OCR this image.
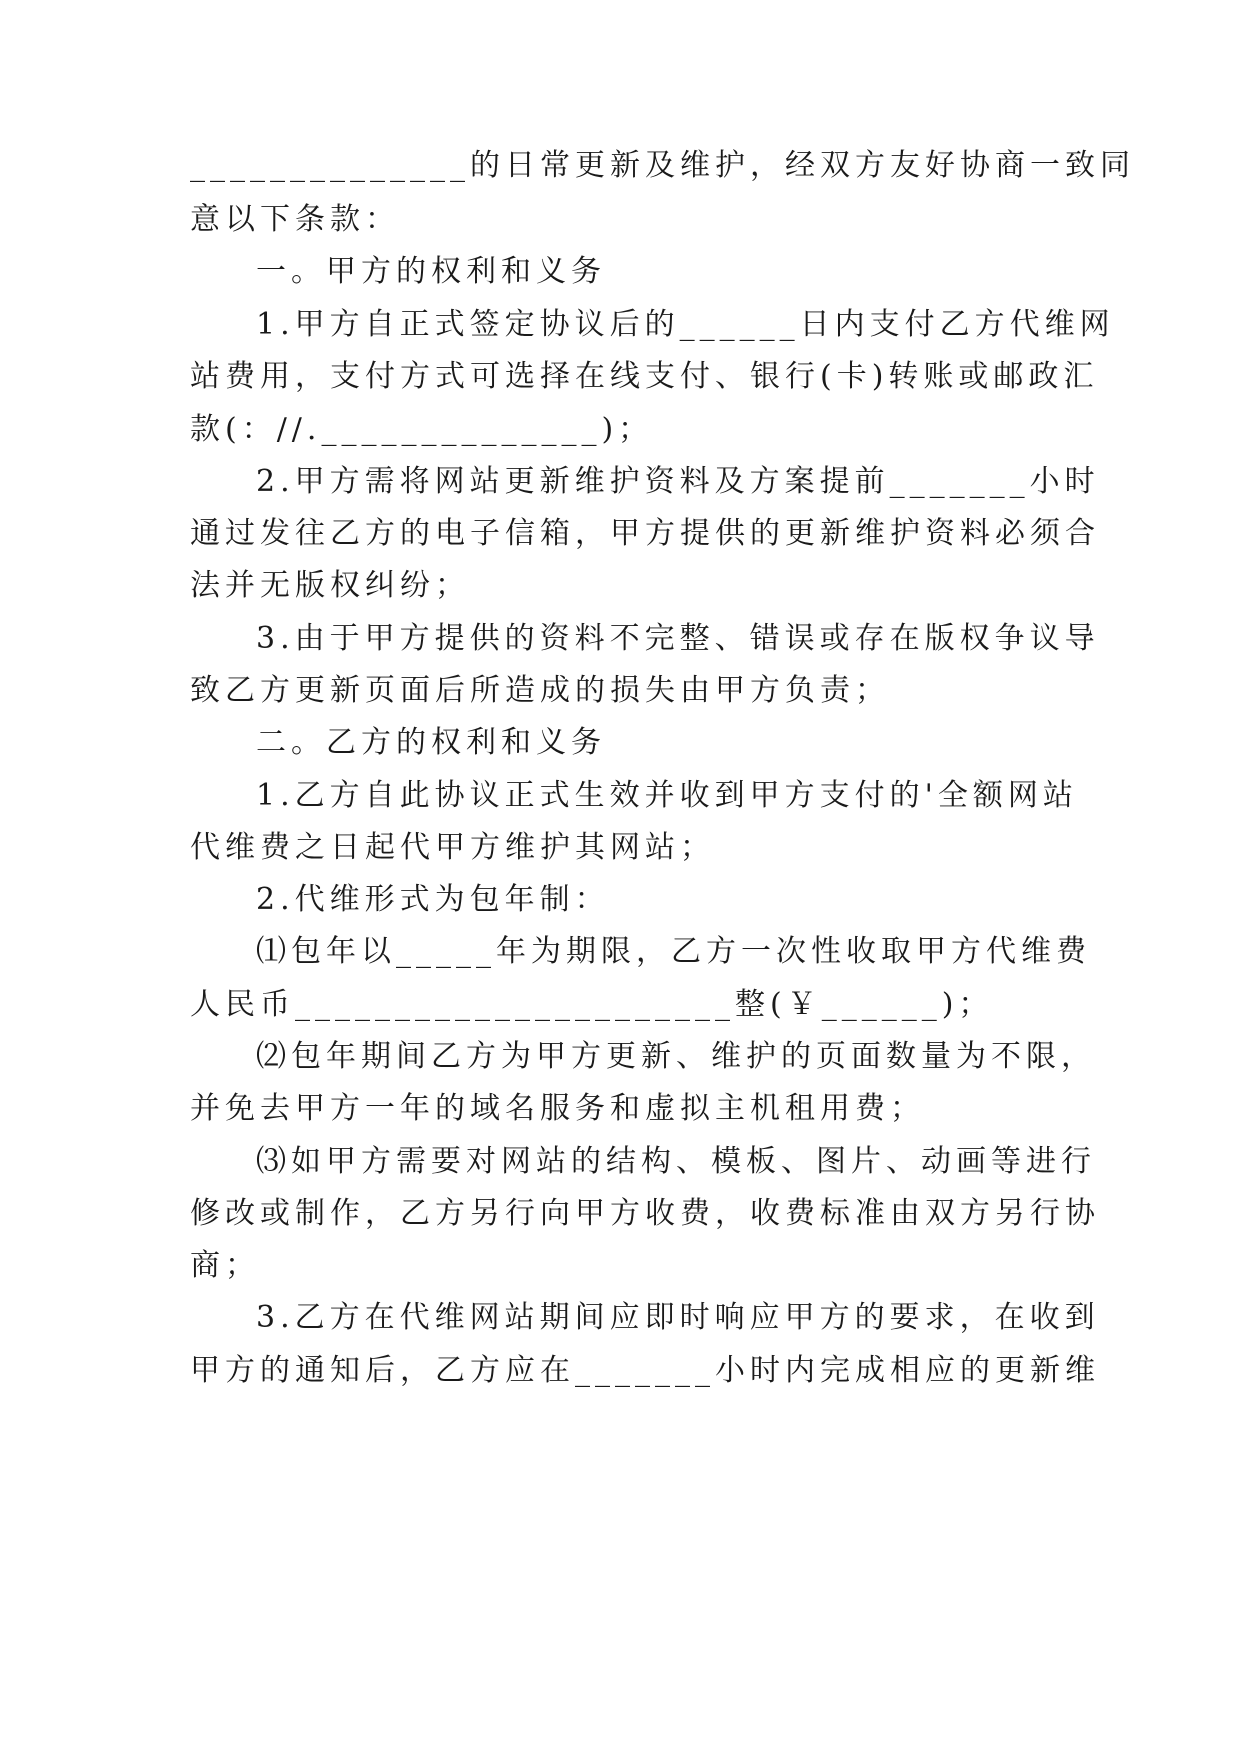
______________的日常更新及维护，经双方友好协商一致同
意以下条款：
一。甲方的权利和义务
1.甲方自正式签定协议后的______日内支付乙方代维网
站费用，支付方式可选择在线支付、银行(卡)转账或邮政汇
款(：//.______________)；
2.甲方需将网站更新维护资料及方案提前_______小时
通过发往乙方的电子信箱，甲方提供的更新维护资料必须合
法并无版权纠纷；
3.由于甲方提供的资料不完整、错误或存在版权争议导
致乙方更新页面后所造成的损失由甲方负责；
二。乙方的权利和义务
1.乙方自此协议正式生效并收到甲方支付的'全额网站
代维费之日起代甲方维护其网站；
2.代维形式为包年制：
⑴包年以_____年为期限，乙方一次性收取甲方代维费
人民币______________________整(￥______)；
⑵包年期间乙方为甲方更新、维护的页面数量为不限，
并免去甲方一年的域名服务和虚拟主机租用费；
⑶如甲方需要对网站的结构、模板、图片、动画等进行
修改或制作，乙方另行向甲方收费，收费标准由双方另行协
商；
3.乙方在代维网站期间应即时响应甲方的要求，在收到
甲方的通知后，乙方应在_______小时内完成相应的更新维
